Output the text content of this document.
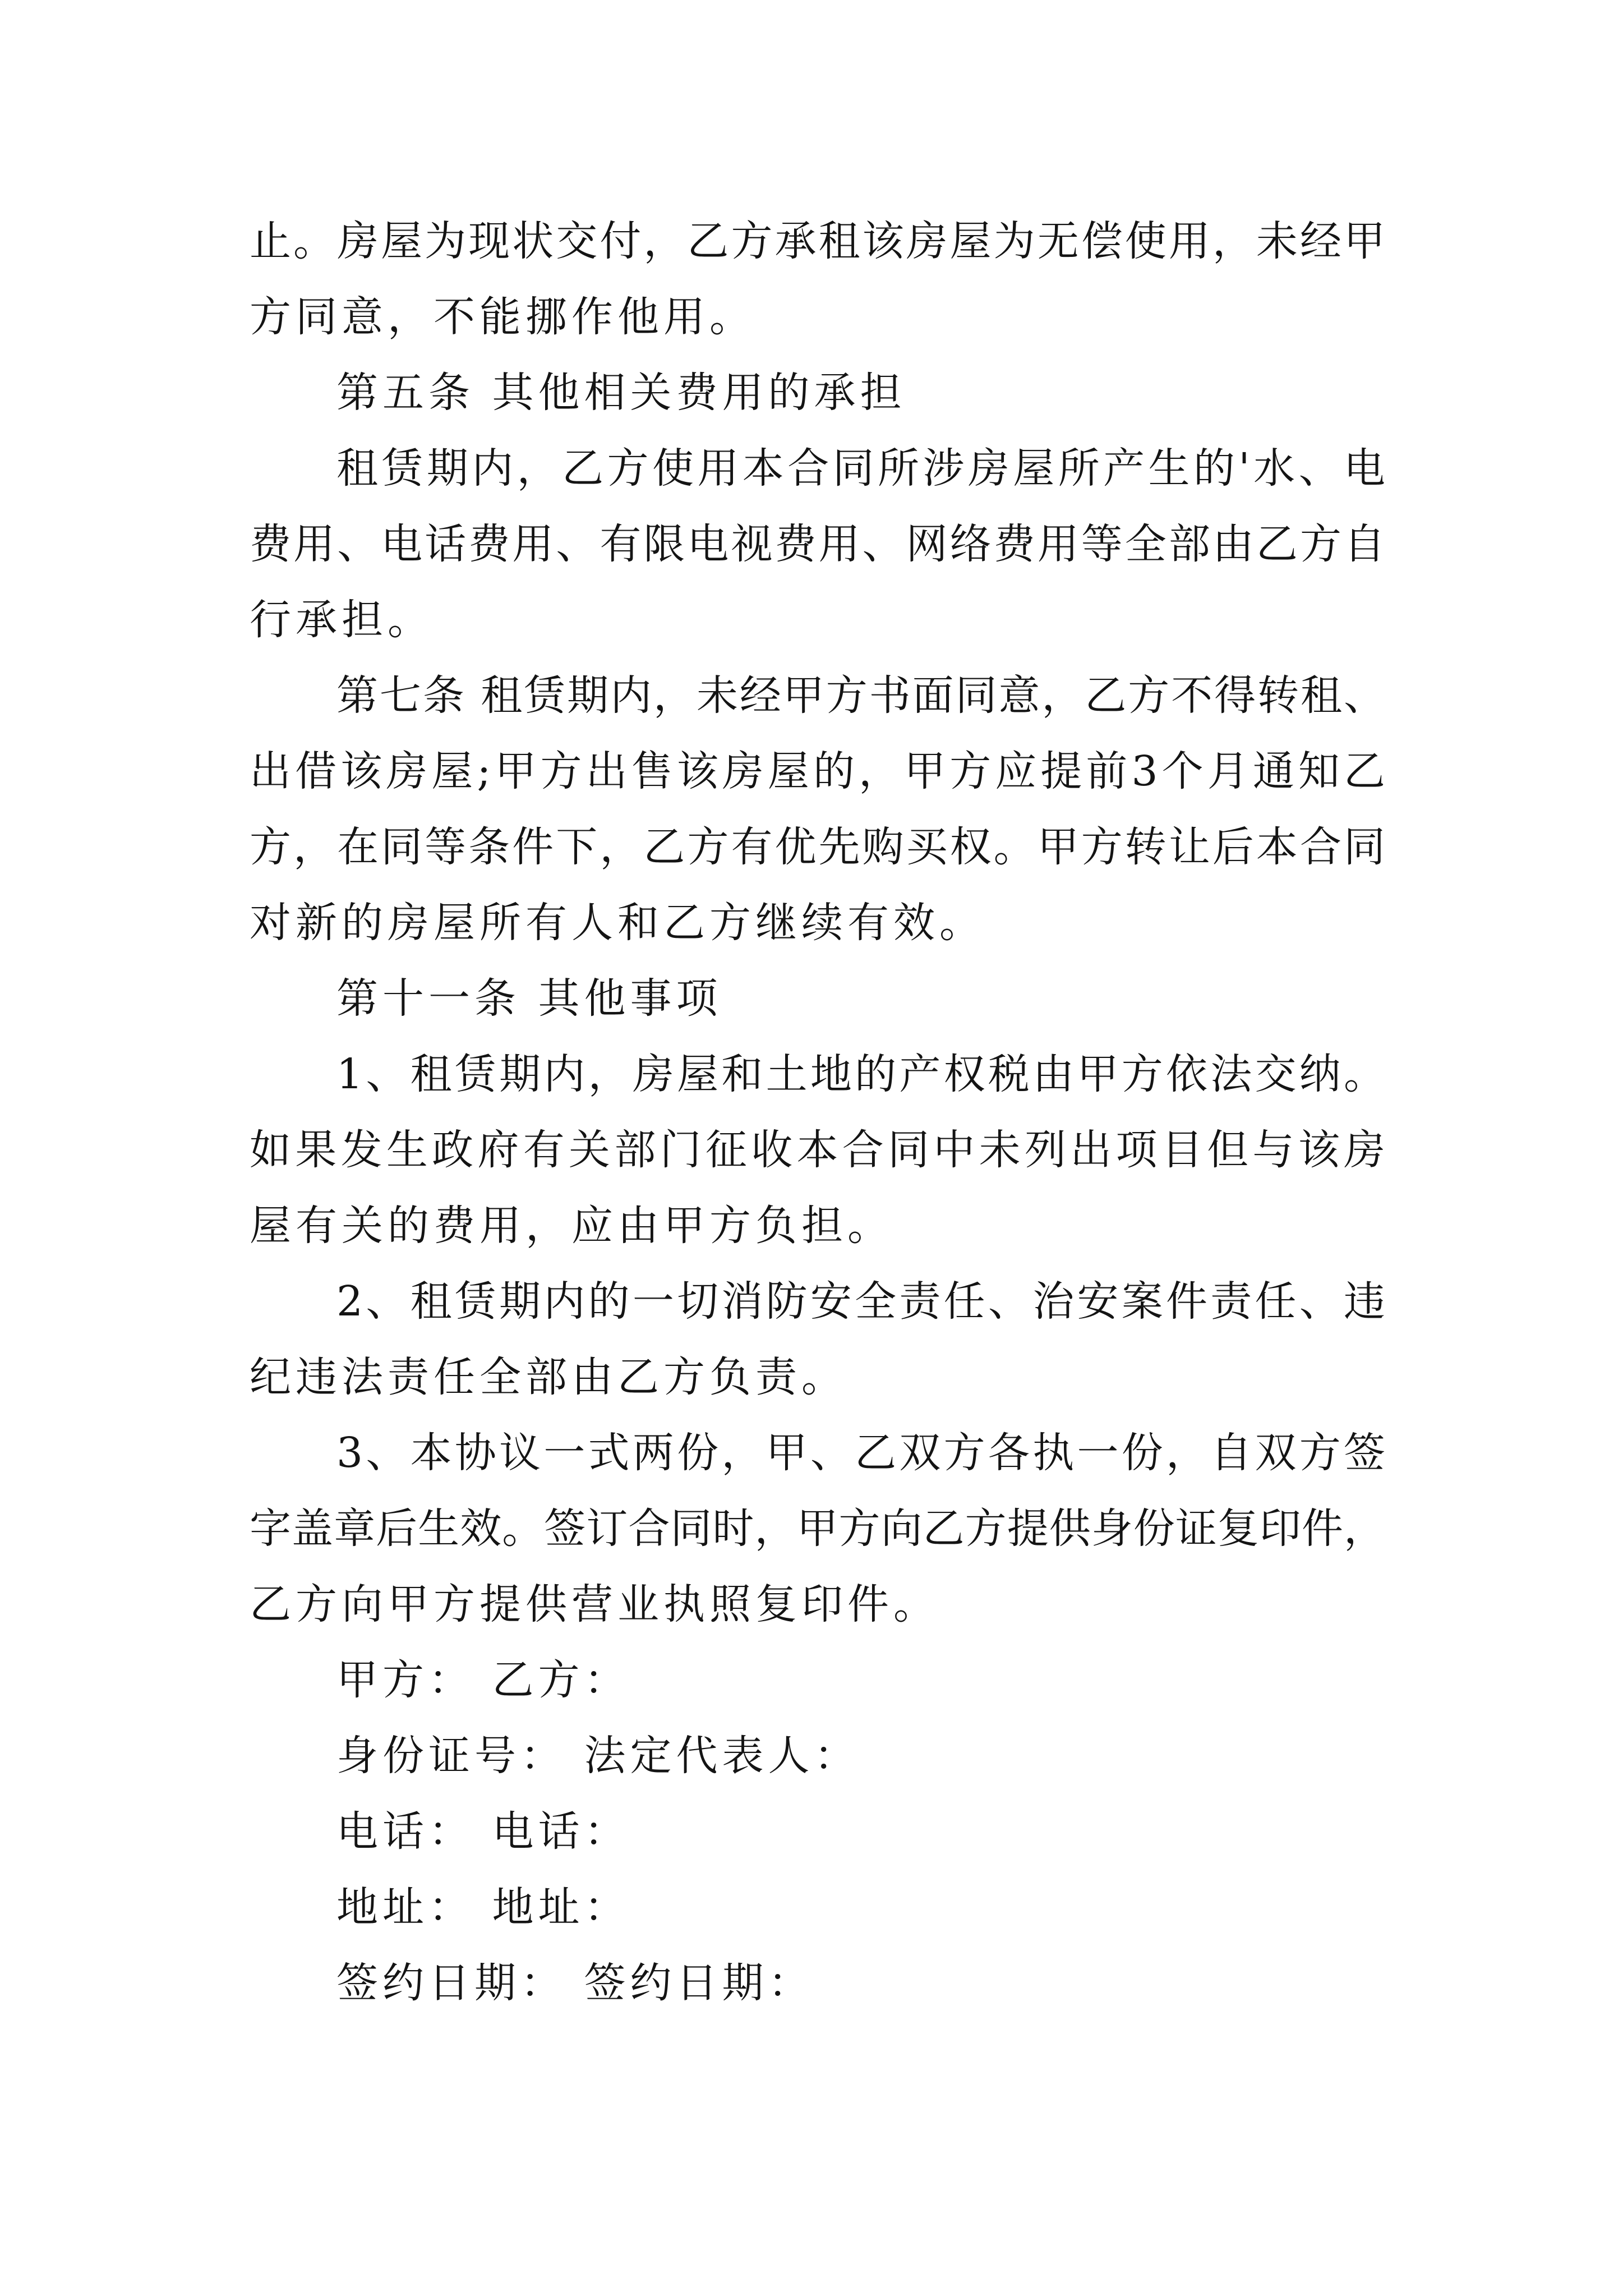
止。房屋为现状交付，乙方承租该房屋为无偿使用，未经甲

方同意，不能挪作他用。

第五条 其他相关费用的承担

租赁期内，乙方使用本合同所涉房屋所产生的'水、电

费用、电话费用、有限电视费用、网络费用等全部由乙方自

行承担。

第七条 租赁期内，未经甲方书面同意，乙方不得转租、

出借该房屋;甲方出售该房屋的，甲方应提前3个月通知乙

方，在同等条件下，乙方有优先购买权。甲方转让后本合同

对新的房屋所有人和乙方继续有效。

第十一条 其他事项

1、租赁期内，房屋和土地的产权税由甲方依法交纳。

如果发生政府有关部门征收本合同中未列出项目但与该房

屋有关的费用，应由甲方负担。

2、租赁期内的一切消防安全责任、治安案件责任、违

纪违法责任全部由乙方负责。

3、本协议一式两份，甲、乙双方各执一份，自双方签

字盖章后生效。签订合同时，甲方向乙方提供身份证复印件，

乙方向甲方提供营业执照复印件。

甲方： 乙方：

身份证号： 法定代表人：

电话： 电话：

地址： 地址：

签约日期： 签约日期：
